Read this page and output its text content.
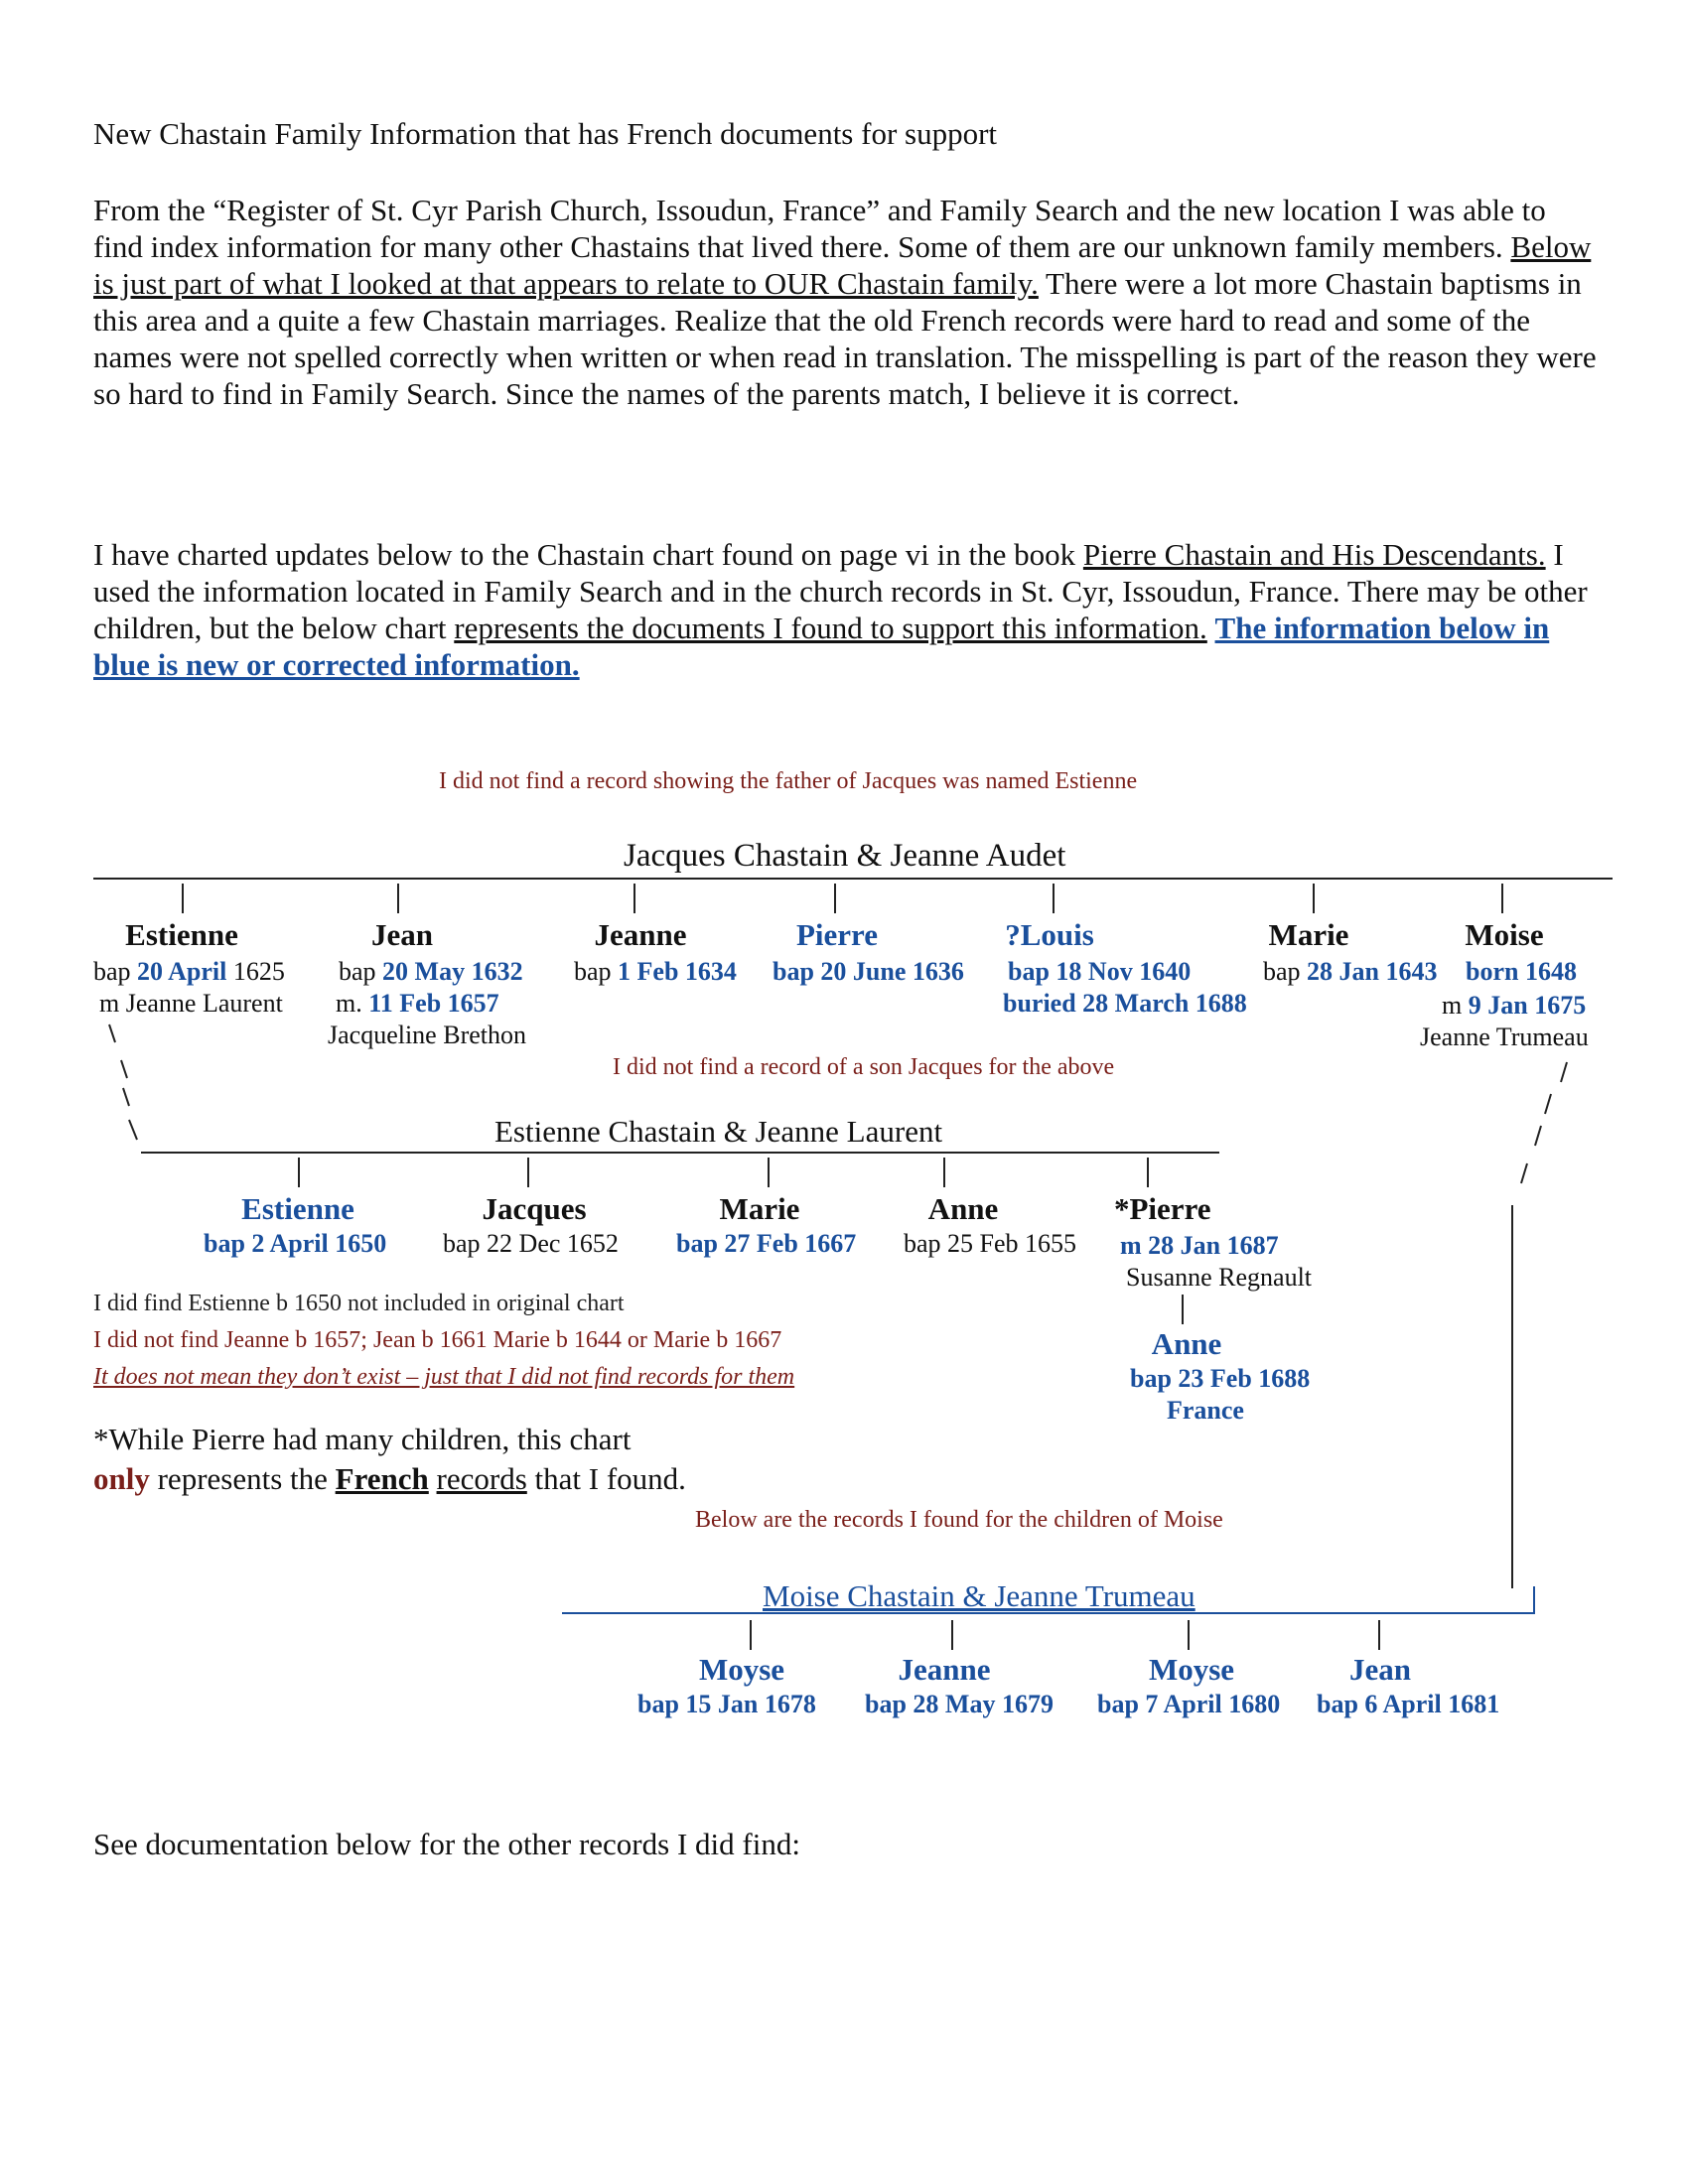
New Chastain Family Information that has French documents for support
From the “Register of St. Cyr Parish Church, Issoudun, France” and Family Search and the new location I was able to find index information for many other Chastains that lived there. Some of them are our unknown family members. Below is just part of what I looked at that appears to relate to OUR Chastain family. There were a lot more Chastain baptisms in this area and a quite a few Chastain marriages. Realize that the old French records were hard to read and some of the names were not spelled correctly when written or when read in translation. The misspelling is part of the reason they were so hard to find in Family Search. Since the names of the parents match, I believe it is correct.
I have charted updates below to the Chastain chart found on page vi in the book Pierre Chastain and His Descendants. I used the information located in Family Search and in the church records in St. Cyr, Issoudun, France. There may be other children, but the below chart represents the documents I found to support this information. The information below in blue is new or corrected information.
I did not find a record showing the father of Jacques was named Estienne
Jacques Chastain & Jeanne Audet
Estienne
bap 20 April 1625
m Jeanne Laurent
Jean
bap 20 May 1632
m. 11 Feb 1657
Jacqueline Brethon
Jeanne
bap 1 Feb 1634
Pierre
bap 20 June 1636
?Louis
bap 18 Nov 1640
buried 28 March 1688
Marie
bap 28 Jan 1643
Moise
born 1648
m 9 Jan 1675
Jeanne Trumeau
I did not find a record of a son Jacques for the above
Estienne Chastain & Jeanne Laurent
Estienne
bap 2 April 1650
Jacques
bap 22 Dec 1652
Marie
bap 27 Feb 1667
Anne
bap 25 Feb 1655
*Pierre
m 28 Jan 1687
Susanne Regnault
Anne
bap 23 Feb 1688
France
I did find Estienne b 1650 not included in original chart
I did not find Jeanne b 1657; Jean b 1661 Marie b 1644 or Marie b 1667
It does not mean they don’t exist – just that I did not find records for them
*While Pierre had many children, this chart
only represents the French records that I found.
Below are the records I found for the children of Moise
Moise Chastain & Jeanne Trumeau
Moyse
bap 15 Jan 1678
Jeanne
bap 28 May 1679
Moyse
bap 7 April 1680
Jean
bap 6 April 1681
See documentation below for the other records I did find:
